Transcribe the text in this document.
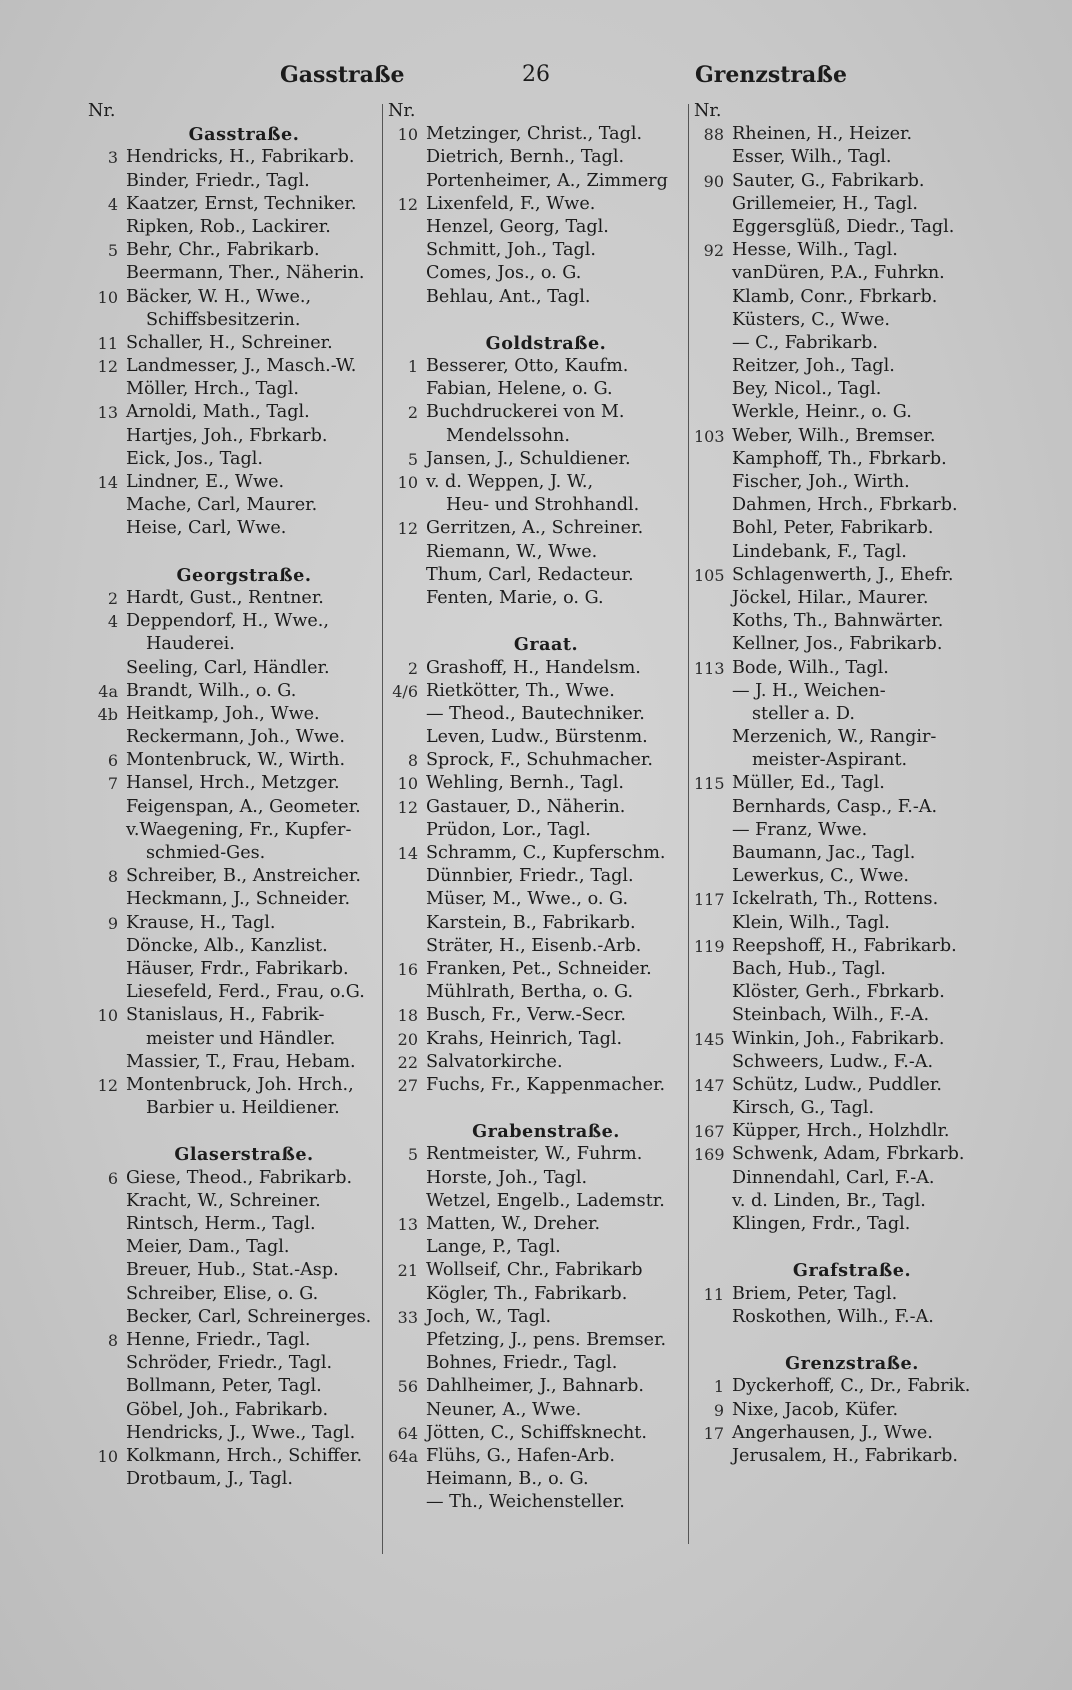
Gasstraße	26	Grenzstraße
Nr.
Gasstraße.
3 Hendricks, H., Fabrikarb.
Binder, Friedr., Tagl.
4 Kaatzer, Ernst, Techniker.
Ripken, Rob., Lackirer.
5 Behr, Chr., Fabrikarb.
Beermann, Ther., Näherin.
10 Bäcker, W. H., Wwe.,
Schiffsbesitzerin.
11 Schaller, H., Schreiner.
12 Landmesser, J., Masch.-W.
Möller, Hrch., Tagl.
13 Arnoldi, Math., Tagl.
Hartjes, Joh., Fbrkarb.
Eick, Jos., Tagl.
14 Lindner, E., Wwe.
Mache, Carl, Maurer.
Heise, Carl, Wwe.
Georgstraße.
2 Hardt, Gust., Rentner.
4 Deppendorf, H., Wwe.,
Hauderei.
Seeling, Carl, Händler.
4a Brandt, Wilh., o. G.
4b Heitkamp, Joh., Wwe.
Reckermann, Joh., Wwe.
6 Montenbruck, W., Wirth.
7 Hansel, Hrch., Metzger.
Feigenspan, A., Geometer.
v.Waegening, Fr., Kupfer-
schmied-Ges.
8 Schreiber, B., Anstreicher.
Heckmann, J., Schneider.
9 Krause, H., Tagl.
Döncke, Alb., Kanzlist.
Häuser, Frdr., Fabrikarb.
Liesefeld, Ferd., Frau, o.G.
10 Stanislaus, H., Fabrik-
meister und Händler.
Massier, T., Frau, Hebam.
12 Montenbruck, Joh. Hrch.,
Barbier u. Heildiener.
Glaserstraße.
6 Giese, Theod., Fabrikarb.
Kracht, W., Schreiner.
Rintsch, Herm., Tagl.
Meier, Dam., Tagl.
Breuer, Hub., Stat.-Asp.
Schreiber, Elise, o. G.
Becker, Carl, Schreinerges.
8 Henne, Friedr., Tagl.
Schröder, Friedr., Tagl.
Bollmann, Peter, Tagl.
Göbel, Joh., Fabrikarb.
Hendricks, J., Wwe., Tagl.
10 Kolkmann, Hrch., Schiffer.
Drotbaum, J., Tagl.
Nr.
10 Metzinger, Christ., Tagl.
Dietrich, Bernh., Tagl.
Portenheimer, A., Zimmerg
12 Lixenfeld, F., Wwe.
Henzel, Georg, Tagl.
Schmitt, Joh., Tagl.
Comes, Jos., o. G.
Behlau, Ant., Tagl.
Goldstraße.
1 Besserer, Otto, Kaufm.
Fabian, Helene, o. G.
2 Buchdruckerei von M.
Mendelssohn.
5 Jansen, J., Schuldiener.
10 v. d. Weppen, J. W.,
Heu- und Strohhandl.
12 Gerritzen, A., Schreiner.
Riemann, W., Wwe.
Thum, Carl, Redacteur.
Fenten, Marie, o. G.
Graat.
2 Grashoff, H., Handelsm.
4/6 Rietkötter, Th., Wwe.
— Theod., Bautechniker.
Leven, Ludw., Bürstenm.
8 Sprock, F., Schuhmacher.
10 Wehling, Bernh., Tagl.
12 Gastauer, D., Näherin.
Prüdon, Lor., Tagl.
14 Schramm, C., Kupferschm.
Dünnbier, Friedr., Tagl.
Müser, M., Wwe., o. G.
Karstein, B., Fabrikarb.
Sträter, H., Eisenb.-Arb.
16 Franken, Pet., Schneider.
Mühlrath, Bertha, o. G.
18 Busch, Fr., Verw.-Secr.
20 Krahs, Heinrich, Tagl.
22 Salvatorkirche.
27 Fuchs, Fr., Kappenmacher.
Grabenstraße.
5 Rentmeister, W., Fuhrm.
Horste, Joh., Tagl.
Wetzel, Engelb., Lademstr.
13 Matten, W., Dreher.
Lange, P., Tagl.
21 Wollseif, Chr., Fabrikarb
Kögler, Th., Fabrikarb.
33 Joch, W., Tagl.
Pfetzing, J., pens. Bremser.
Bohnes, Friedr., Tagl.
56 Dahlheimer, J., Bahnarb.
Neuner, A., Wwe.
64 Jötten, C., Schiffsknecht.
64a Flühs, G., Hafen-Arb.
Heimann, B., o. G.
— Th., Weichensteller.
Nr.
88 Rheinen, H., Heizer.
Esser, Wilh., Tagl.
90 Sauter, G., Fabrikarb.
Grillemeier, H., Tagl.
Eggersglüß, Diedr., Tagl.
92 Hesse, Wilh., Tagl.
vanDüren, P.A., Fuhrkn.
Klamb, Conr., Fbrkarb.
Küsters, C., Wwe.
— C., Fabrikarb.
Reitzer, Joh., Tagl.
Bey, Nicol., Tagl.
Werkle, Heinr., o. G.
103 Weber, Wilh., Bremser.
Kamphoff, Th., Fbrkarb.
Fischer, Joh., Wirth.
Dahmen, Hrch., Fbrkarb.
Bohl, Peter, Fabrikarb.
Lindebank, F., Tagl.
105 Schlagenwerth, J., Ehefr.
Jöckel, Hilar., Maurer.
Koths, Th., Bahnwärter.
Kellner, Jos., Fabrikarb.
113 Bode, Wilh., Tagl.
— J. H., Weichen-
steller a. D.
Merzenich, W., Rangir-
meister-Aspirant.
115 Müller, Ed., Tagl.
Bernhards, Casp., F.-A.
— Franz, Wwe.
Baumann, Jac., Tagl.
Lewerkus, C., Wwe.
117 Ickelrath, Th., Rottens.
Klein, Wilh., Tagl.
119 Reepshoff, H., Fabrikarb.
Bach, Hub., Tagl.
Klöster, Gerh., Fbrkarb.
Steinbach, Wilh., F.-A.
145 Winkin, Joh., Fabrikarb.
Schweers, Ludw., F.-A.
147 Schütz, Ludw., Puddler.
Kirsch, G., Tagl.
167 Küpper, Hrch., Holzhdlr.
169 Schwenk, Adam, Fbrkarb.
Dinnendahl, Carl, F.-A.
v. d. Linden, Br., Tagl.
Klingen, Frdr., Tagl.
Grafstraße.
11 Briem, Peter, Tagl.
Roskothen, Wilh., F.-A.
Grenzstraße.
1 Dyckerhoff, C., Dr., Fabrik.
9 Nixe, Jacob, Küfer.
17 Angerhausen, J., Wwe.
Jerusalem, H., Fabrikarb.
